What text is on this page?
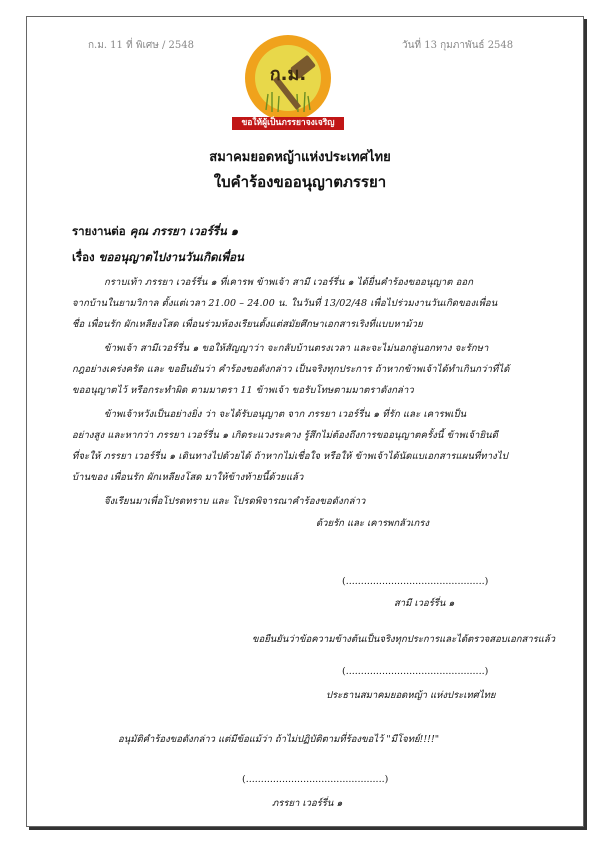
ก.ม. 11 ที่ พิเศษ / 2548	วันที่ 13 กุมภาพันธ์ 2548
ก.ม.
ขอให้ผู้เป็นภรรยาจงเจริญ
สมาคมยอดหญ้าแห่งประเทศไทย
ใบคำร้องขออนุญาตภรรยา
รายงานต่อ คุณ ภรรยา เวอร์รี่น ๑
เรื่อง ขออนุญาตไปงานวันเกิดเพื่อน
กราบเท้า ภรรยา เวอร์รี่น ๑ ที่เคารพ ข้าพเจ้า สามี เวอร์รี่น ๑ ได้ยื่นคำร้องขออนุญาต ออก
จากบ้านในยามวิกาล ตั้งแต่เวลา 21.00 – 24.00 น. ในวันที่ 13/02/48 เพื่อไปร่วมงานวันเกิดของเพื่อน
ชื่อ เพื่อนรัก ผักเหลียงโสด เพื่อนร่วมห้องเรียนตั้งแต่สมัยศึกษาเอกสารเริงที่แบบหาม้วย
ข้าพเจ้า สามีเวอร์รี่น ๑ ขอให้สัญญาว่า จะกลับบ้านตรงเวลา และจะไม่นอกลู่นอกทาง จะรักษา
กฎอย่างเคร่งครัด และ ขอยืนยันว่า คำร้องขอดังกล่าว เป็นจริงทุกประการ ถ้าหากข้าพเจ้าได้ทำเกินกว่าที่ได้
ขออนุญาตไว้ หรือกระทำผิด ตามมาตรา 11 ข้าพเจ้า ขอรับโทษตามมาตราดังกล่าว
ข้าพเจ้าหวังเป็นอย่างยิ่ง ว่า จะได้รับอนุญาต จาก ภรรยา เวอร์รี่น ๑ ที่รัก และ เคารพเป็น
อย่างสูง และหากว่า ภรรยา เวอร์รี่น ๑ เกิดระแวงระคาง รู้สึกไม่ต้องถึงการขออนุญาตครั้งนี้ ข้าพเจ้ายินดี
ที่จะให้ ภรรยา เวอร์รี่น ๑ เดินทางไปด้วยได้ ถ้าหากไม่เชื่อใจ หรือให้ ข้าพเจ้าได้นัดแบเอกสารแผนที่ทางไป
บ้านของ เพื่อนรัก ผักเหลียงโสด มาให้ข้างท้ายนี้ด้วยแล้ว
จึงเรียนมาเพื่อโปรดทราบ และ โปรดพิจารณาคำร้องขอดังกล่าว
ด้วยรัก และ เคารพกลัวเกรง
(..............................................)
สามี เวอร์รี่น ๑
ขอยืนยันว่าข้อความข้างต้นเป็นจริงทุกประการและได้ตรวจสอบเอกสารแล้ว
(..............................................)
ประธานสมาคมยอดหญ้า แห่งประเทศไทย
อนุมัติคำร้องขอดังกล่าว แต่มีข้อแม้ว่า ถ้าไม่ปฏิบัติตามที่ร้องขอไว้ "มีโจทย์!!!!"
(..............................................)
ภรรยา เวอร์รี่น ๑
